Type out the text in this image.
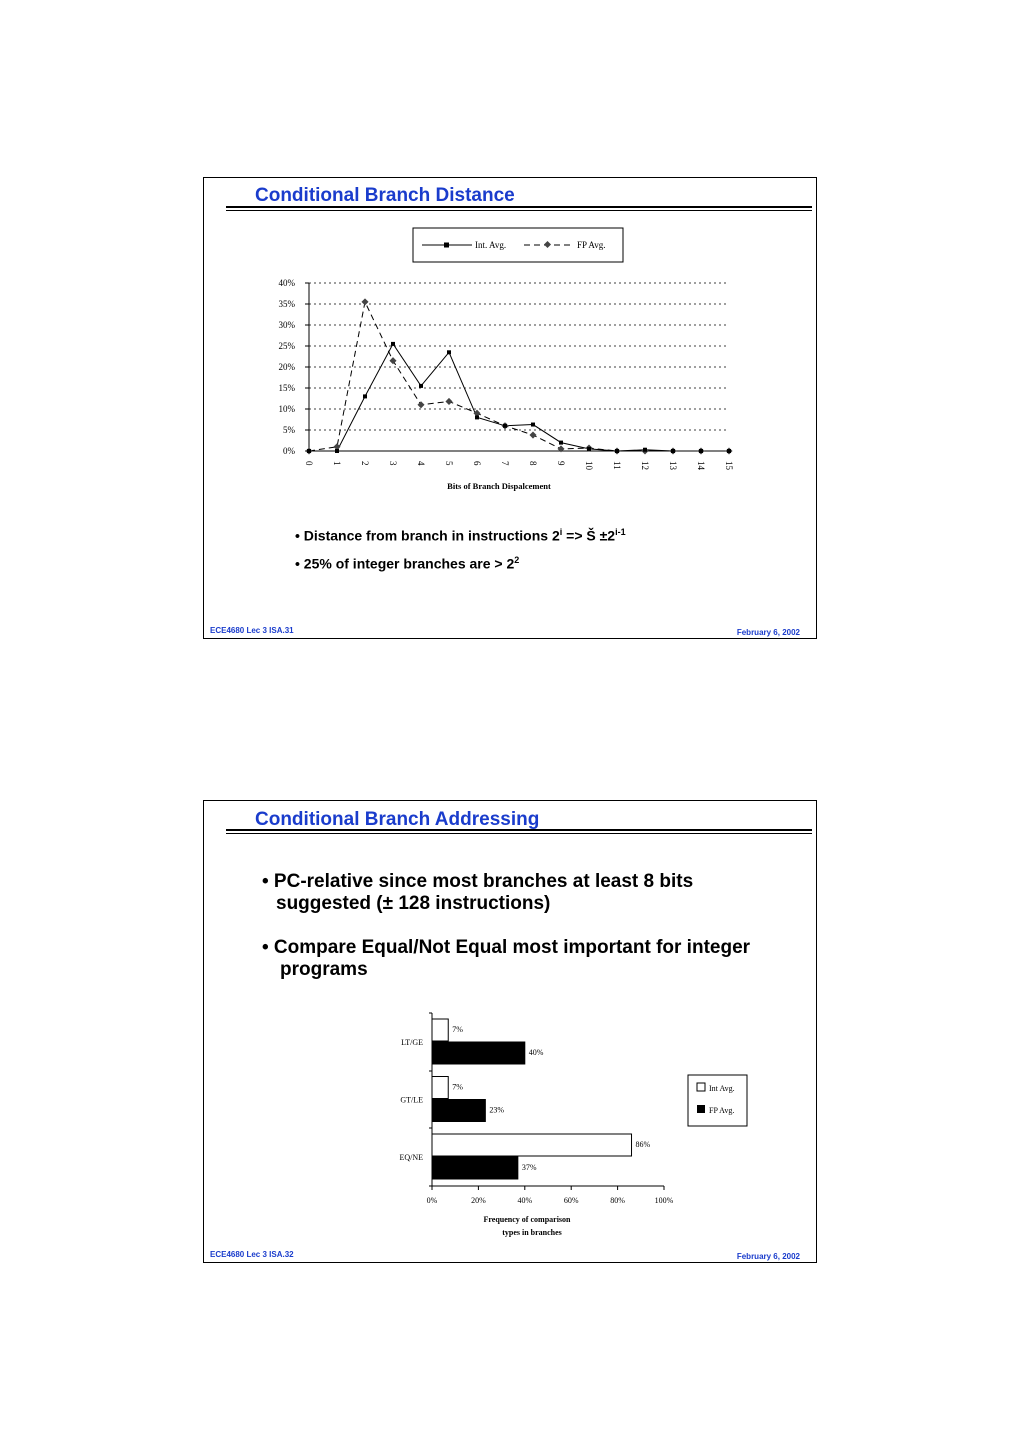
Conditional Branch Distance
Int. Avg.	FP Avg.
0%
5%
10%
15%
20%
25%
30%
35%
40%
0 1 2 3 4 5 6 7 8 9 10 11 12 13 14 15
Bits of Branch Dispalcement
• Distance from branch in instructions $2^i$ => Š $\pm 2^{i-1}$
• 25% of integer branches are > $2^2$
ECE4680 Lec 3 ISA.31	February 6, 2002
Conditional Branch Addressing
• PC-relative since most branches at least 8 bits
suggested (± 128 instructions)
• Compare Equal/Not Equal most important for integer
programs
0%	20%	40%	60%	80%	100%
LT/GE
7%
40%
GT/LE
7%
23%
EQ/NE
86%
37%
Frequency of comparison
types in branches
Int Avg.
FP Avg.
ECE4680 Lec 3 ISA.32	February 6, 2002
